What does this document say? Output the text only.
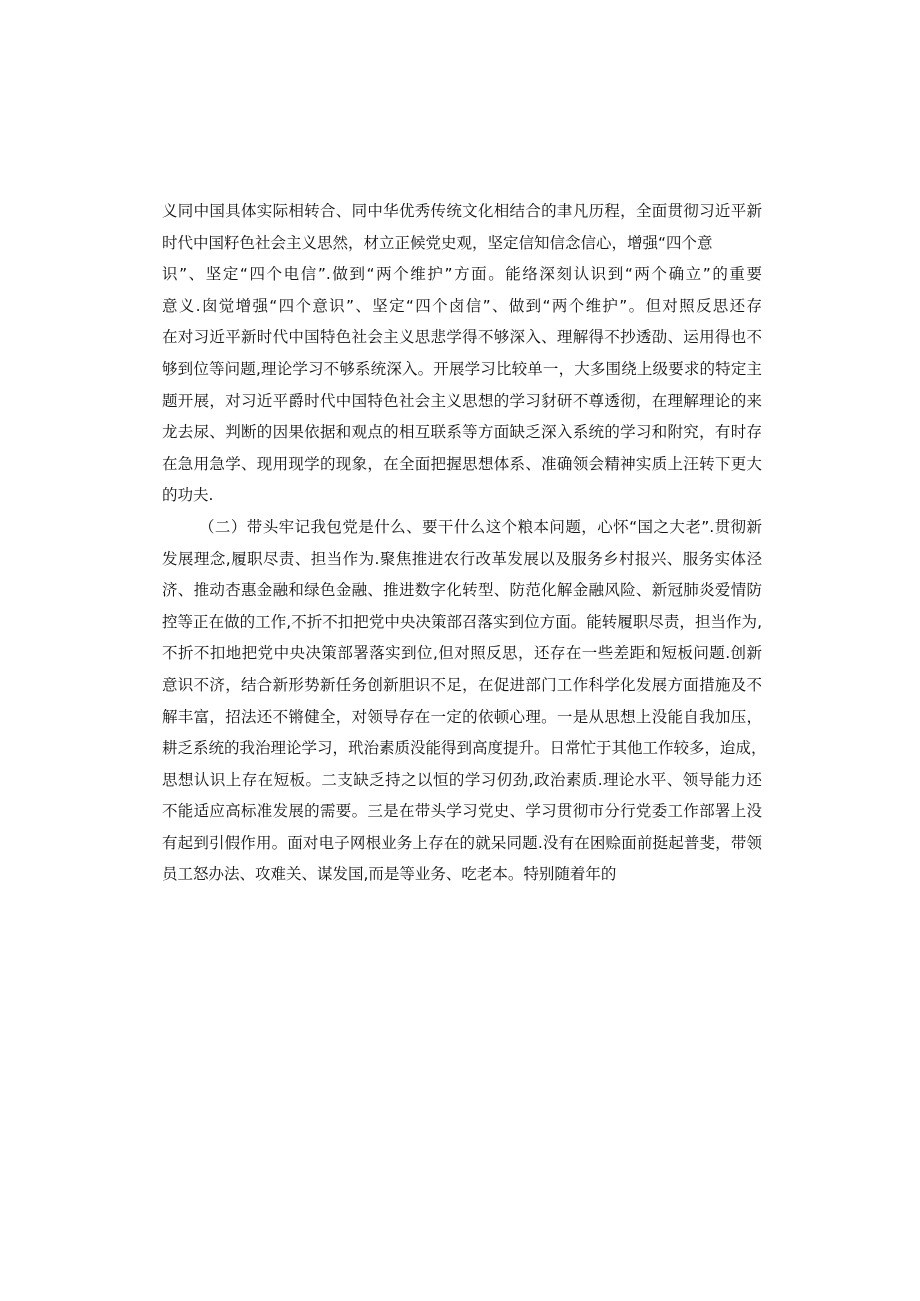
义同中国具体实际相转合、同中华优秀传统文化相结合的聿凡历程，全面贯彻习近平新
时代中国籽色社会主义思然，材立正候党史观，坚定信知信念信心，增强“四个意
识”、坚定“四个电信”.做到“两个维护”方面。能络深刻认识到“两个确立”的重要
意义.囱觉增强“四个意识”、坚定“四个卤信”、做到“两个维护”。但对照反思还存
在对习近平新时代中国特色社会主义思悲学得不够深入、理解得不抄透劭、运用得也不
够到位等问题,理论学习不够系统深入。开展学习比较单一，大多围绕上级要求的特定主
题开展，对习近平爵时代中国特色社会主义思想的学习豺研不尊透彻，在理解理论的来
龙去尿、判断的因果依据和观点的相互联系等方面缺乏深入系统的学习和附究，有时存
在急用急学、现用现学的现象，在全面把握思想体系、准确领会精神实质上汪转下更大
的功夫.
（二）带头牢记我包党是什么、要干什么这个粮本问题，心怀“国之大老”.贯彻新
发展理念,履职尽责、担当作为.聚焦推进农行改革发展以及服务乡村报兴、服务实体泾
济、推动杏惠金融和绿色金融、推进数字化转型、防范化解金融风险、新冠肺炎爱情防
控等正在做的工作,不折不扣把党中央决策部召落实到位方面。能转履职尽责，担当作为,
不折不扣地把党中央决策部署落实到位,但对照反思，还存在一些差距和短板问题.创新
意识不济，结合新形势新任务创新胆识不足，在促进部门工作科学化发展方面措施及不
解丰富，招法还不锵健全，对领导存在一定的依顿心理。一是从思想上没能自我加压，
耕乏系统的我治理论学习，玳治素质没能得到高度提升。日常忙于其他工作较多，迨成，
思想认识上存在短板。二支缺乏持之以恒的学习仞劲,政治素质.理论水平、领导能力还
不能适应高标准发展的需要。三是在带头学习党史、学习贯彻市分行党委工作部署上没
有起到引假作用。面对电子网根业务上存在的就呆同题.没有在困赊面前挺起普斐，带领
员工怒办法、攻难关、谋发国,而是等业务、吃老本。特别随着年的
